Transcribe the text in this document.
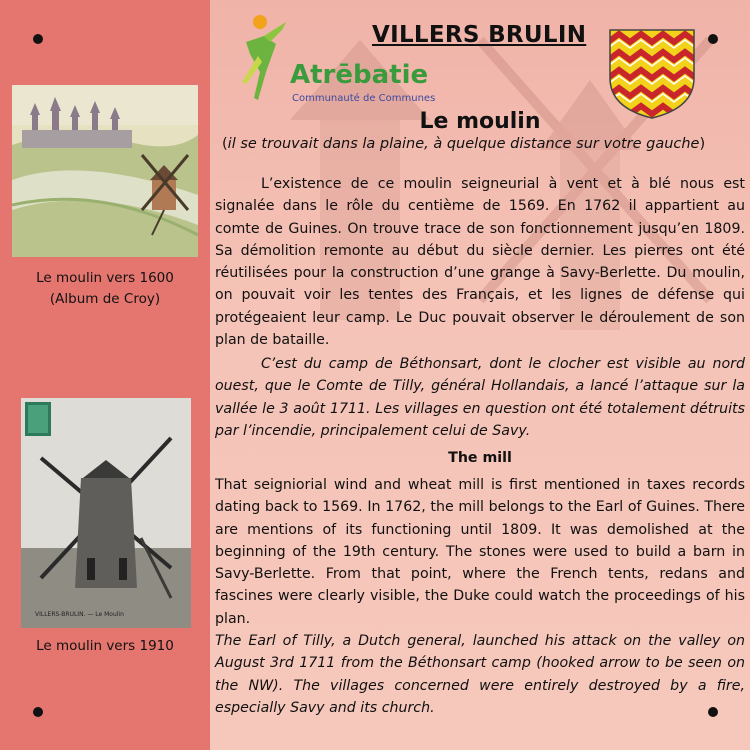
Atrēbatie
Communauté de Communes
VILLERS BRULIN
Le moulin
(il se trouvait dans la plaine, à quelque distance sur votre gauche)

L’existence de ce moulin seigneurial à vent et à blé nous est signalée dans le rôle du centième de 1569. En 1762 il appartient au comte de Guines. On trouve trace de son fonctionnement jusqu’en 1809. Sa démolition remonte au début du siècle dernier. Les pierres ont été réutilisées pour la construction d’une grange à Savy-Berlette. Du moulin, on pouvait voir les tentes des Français, et les lignes de défense qui protégeaient leur camp. Le Duc pouvait observer le déroulement de son plan de bataille.

C’est du camp de Béthonsart, dont le clocher est visible au nord ouest, que le Comte de Tilly, général Hollandais, a lancé l’attaque sur la vallée le 3 août 1711. Les villages en question ont été totalement détruits par l’incendie, principalement celui de Savy.

The mill

That seigniorial wind and wheat mill is first mentioned in taxes records dating back to 1569. In 1762, the mill belongs to the Earl of Guines. There are mentions of its functioning until 1809. It was demolished at the beginning of the 19th century. The stones were used to build a barn in Savy-Berlette. From that point, where the French tents, redans and fascines were clearly visible, the Duke could watch the proceedings of his plan.

The Earl of Tilly, a Dutch general, launched his attack on the valley on August 3rd 1711 from the Béthonsart camp (hooked arrow to be seen on the NW). The villages concerned were entirely destroyed by a fire, especially Savy and its church.

Le moulin vers 1600
(Album de Croy)
VILLERS-BRULIN. — Le Moulin
Le moulin vers 1910
